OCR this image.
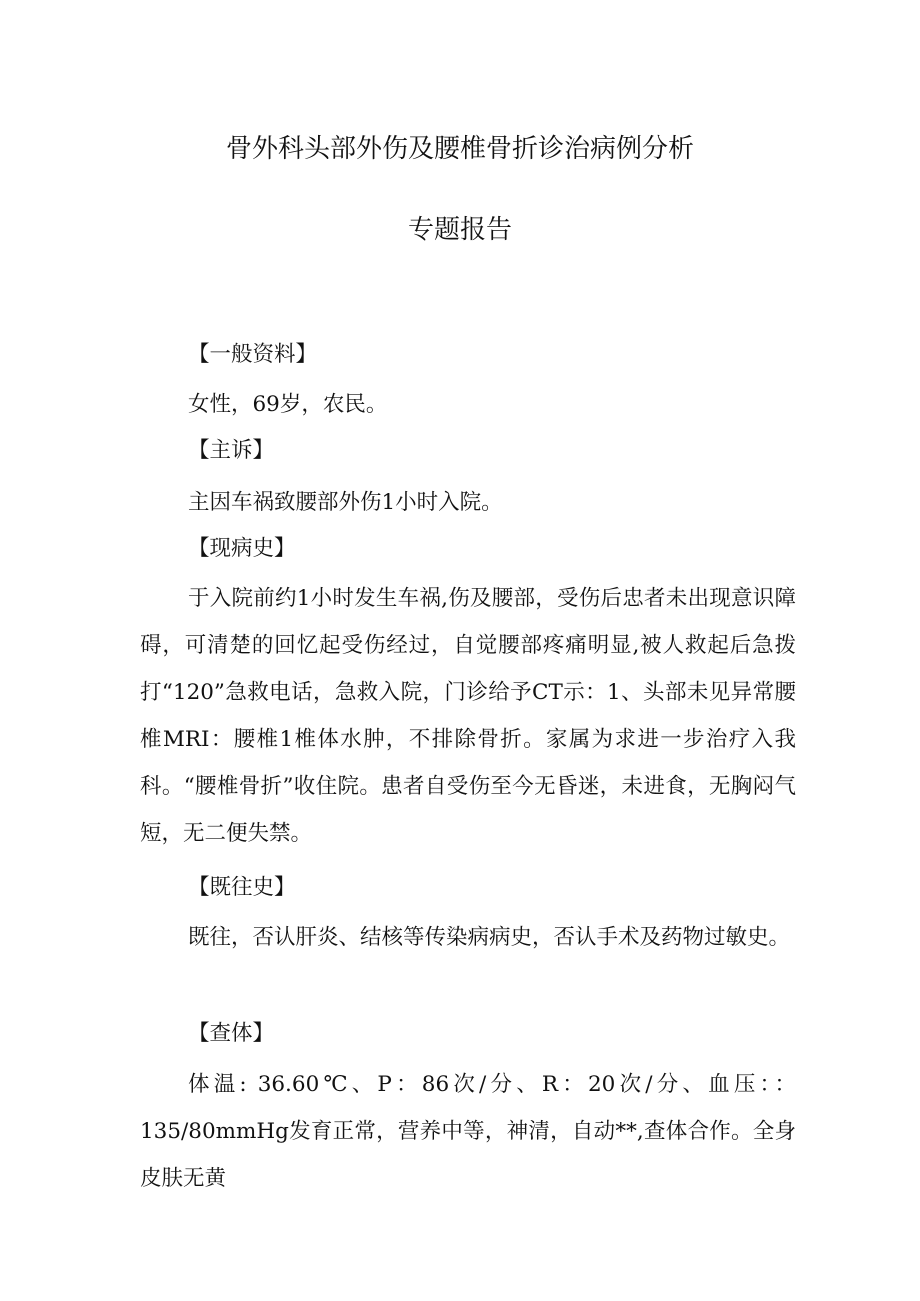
骨外科头部外伤及腰椎骨折诊治病例分析
专题报告
【一般资料】

女性，69岁，农民。

【主诉】

主因车祸致腰部外伤1小时入院。

【现病史】

于入院前约1小时发生车祸,伤及腰部，受伤后忠者未出现意识障碍，可清楚的回忆起受伤经过，自觉腰部疼痛明显,被人救起后急拨打“120”急救电话，急救入院，门诊给予CT示：1、头部未见异常腰椎MRI：腰椎1椎体水肿，不排除骨折。家属为求进一步治疗入我科。“腰椎骨折”收住院。患者自受伤至今无昏迷，未进食，无胸闷气短，无二便失禁。

【既往史】

既往，否认肝炎、结核等传染病病史，否认手术及药物过敏史。

【查体】

体温: 36.60℃、P：86次/分、R：20次/分、血压：：135/80mmHg发育正常，营养中等，神清，自动**,查体合作。全身皮肤无黄
